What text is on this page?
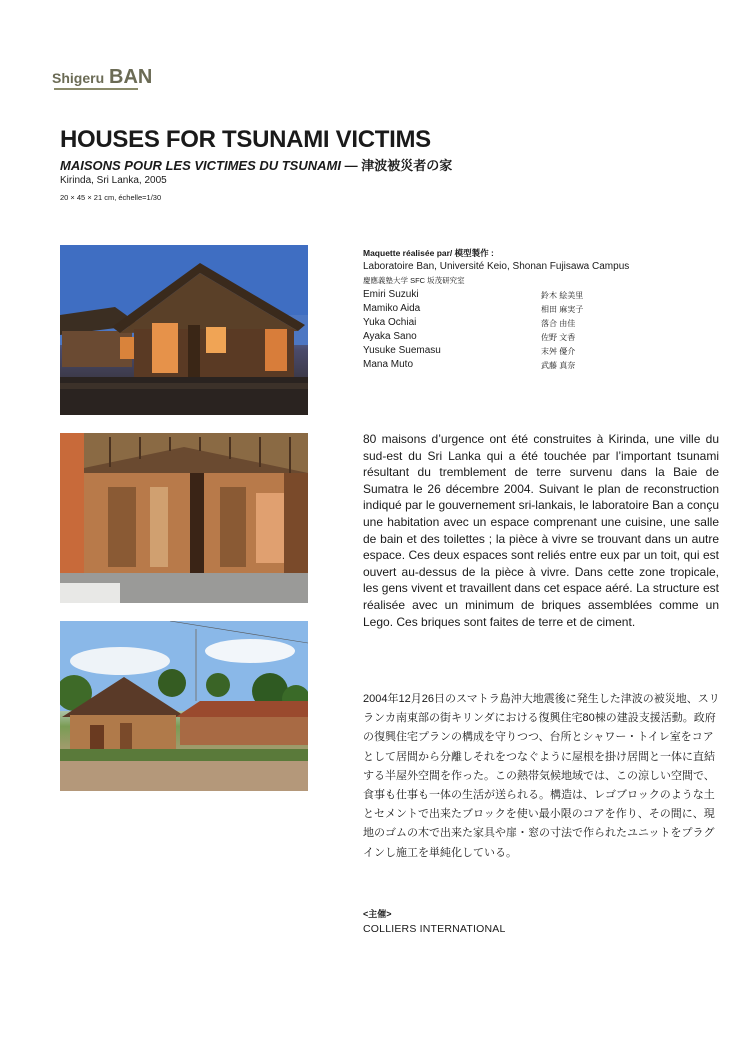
Shigeru BAN
HOUSES FOR TSUNAMI VICTIMS
MAISONS POUR LES VICTIMES DU TSUNAMI — 津波被災者の家
Kirinda, Sri Lanka, 2005
20 × 45 × 21 cm, échelle=1/30
Maquette réalisée par/ 模型製作 :
Laboratoire Ban, Université Keio, Shonan Fujisawa Campus
慶應義塾大学 SFC 坂茂研究室
Emiri Suzuki	鈴木 絵美里
Mamiko Aida	相田 麻実子
Yuka Ochiai	落合 由佳
Ayaka Sano	佐野 文香
Yusuke Suemasu	末舛 優介
Mana Muto	武藤 真奈
80 maisons d’urgence ont été construites à Kirinda, une ville du sud-est du Sri Lanka qui a été touchée par l’important tsunami résultant du tremblement de terre survenu dans la Baie de Sumatra le 26 décembre 2004. Suivant le plan de reconstruction indiqué par le gouvernement sri-lankais, le laboratoire Ban a conçu une habitation avec un espace comprenant une cuisine, une salle de bain et des toilettes ; la pièce à vivre se trouvant dans un autre espace. Ces deux espaces sont reliés entre eux par un toit, qui est ouvert au-dessus de la pièce à vivre. Dans cette zone tropicale, les gens vivent et travaillent dans cet espace aéré. La structure est réalisée avec un minimum de briques assemblées comme un Lego. Ces briques sont faites de terre et de ciment.
2004年12月26日のスマトラ島沖大地震後に発生した津波の被災地、スリランカ南東部の街キリンダにおける復興住宅80棟の建設支援活動。政府の復興住宅プランの構成を守りつつ、台所とシャワー・トイレ室をコアとして居間から分離しそれをつなぐように屋根を掛け居間と一体に直結する半屋外空間を作った。この熱帯気候地域では、この涼しい空間で、食事も仕事も一体の生活が送られる。構造は、レゴブロックのような土とセメントで出来たブロックを使い最小限のコアを作り、その間に、現地のゴムの木で出来た家具や扉・窓の寸法で作られたユニットをプラグインし施工を単純化している。
<主催>
COLLIERS INTERNATIONAL
